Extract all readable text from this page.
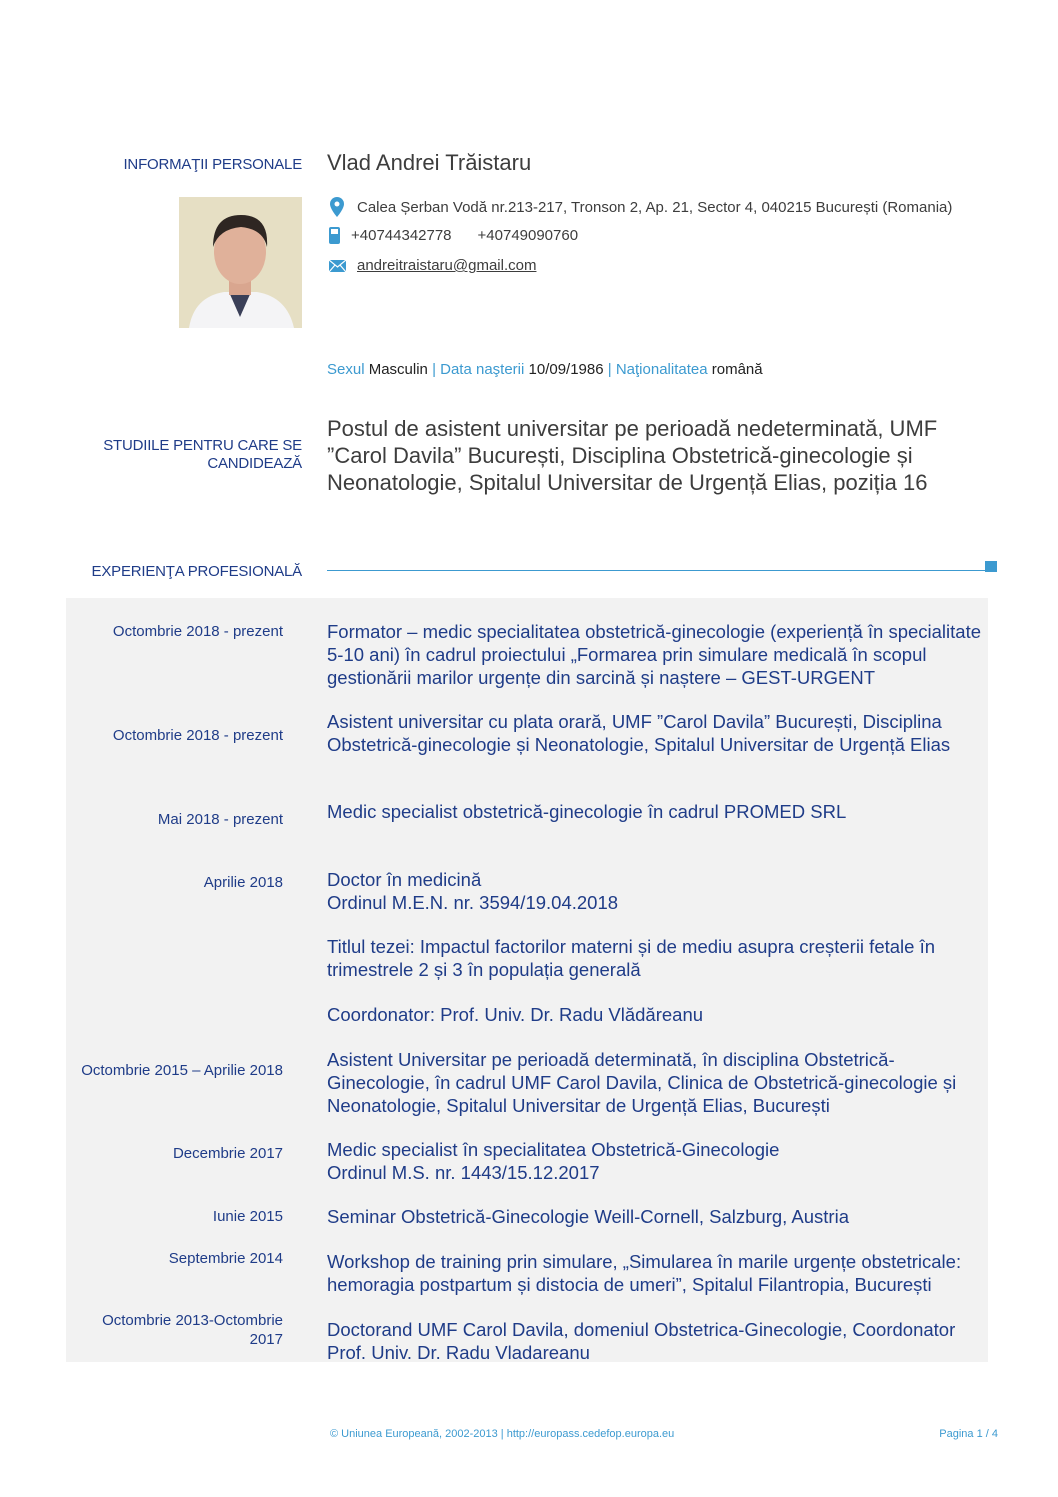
INFORMAŢII PERSONALE Vlad Andrei Trăistaru
Calea Șerban Vodă nr.213-217, Tronson 2, Ap. 21, Sector 4, 040215 București (Romania)
+40744342778 +40749090760
andreitraistaru@gmail.com
Sexul Masculin | Data naşterii 10/09/1986 | Naţionalitatea română
STUDIILE PENTRU CARE SE CANDIDEAZĂ
Postul de asistent universitar pe perioadă nedeterminată, UMF ”Carol Davila” București, Disciplina Obstetrică-ginecologie și Neonatologie, Spitalul Universitar de Urgență Elias, poziția 16
EXPERIENŢA PROFESIONALĂ
Octombrie 2018 - prezent Formator – medic specialitatea obstetrică-ginecologie (experiență în specialitate 5-10 ani) în cadrul proiectului „Formarea prin simulare medicală în scopul gestionării marilor urgențe din sarcină și naștere – GEST-URGENT
Octombrie 2018 - prezent
Asistent universitar cu plata orară, UMF ”Carol Davila” București, Disciplina Obstetrică-ginecologie și Neonatologie, Spitalul Universitar de Urgență Elias
Mai 2018 - prezent Medic specialist obstetrică-ginecologie în cadrul PROMED SRL
Aprilie 2018 Doctor în medicină
Ordinul M.E.N. nr. 3594/19.04.2018
Titlul tezei: Impactul factorilor materni și de mediu asupra creșterii fetale în trimestrele 2 și 3 în populația generală
Coordonator: Prof. Univ. Dr. Radu Vlădăreanu
Octombrie 2015 – Aprilie 2018
Asistent Universitar pe perioadă determinată, în disciplina Obstetrică-Ginecologie, în cadrul UMF Carol Davila, Clinica de Obstetrică-ginecologie și Neonatologie, Spitalul Universitar de Urgență Elias, București
Decembrie 2017 Medic specialist în specialitatea Obstetrică-Ginecologie
Ordinul M.S. nr. 1443/15.12.2017
Iunie 2015 Seminar Obstetrică-Ginecologie Weill-Cornell, Salzburg, Austria
Septembrie 2014 Workshop de training prin simulare, „Simularea în marile urgențe obstetricale: hemoragia postpartum și distocia de umeri”, Spitalul Filantropia, București
Octombrie 2013-Octombrie 2017 Doctorand UMF Carol Davila, domeniul Obstetrica-Ginecologie, Coordonator Prof. Univ. Dr. Radu Vladareanu
© Uniunea Europeană, 2002-2013 | http://europass.cedefop.europa.eu	Pagina 1 / 4
